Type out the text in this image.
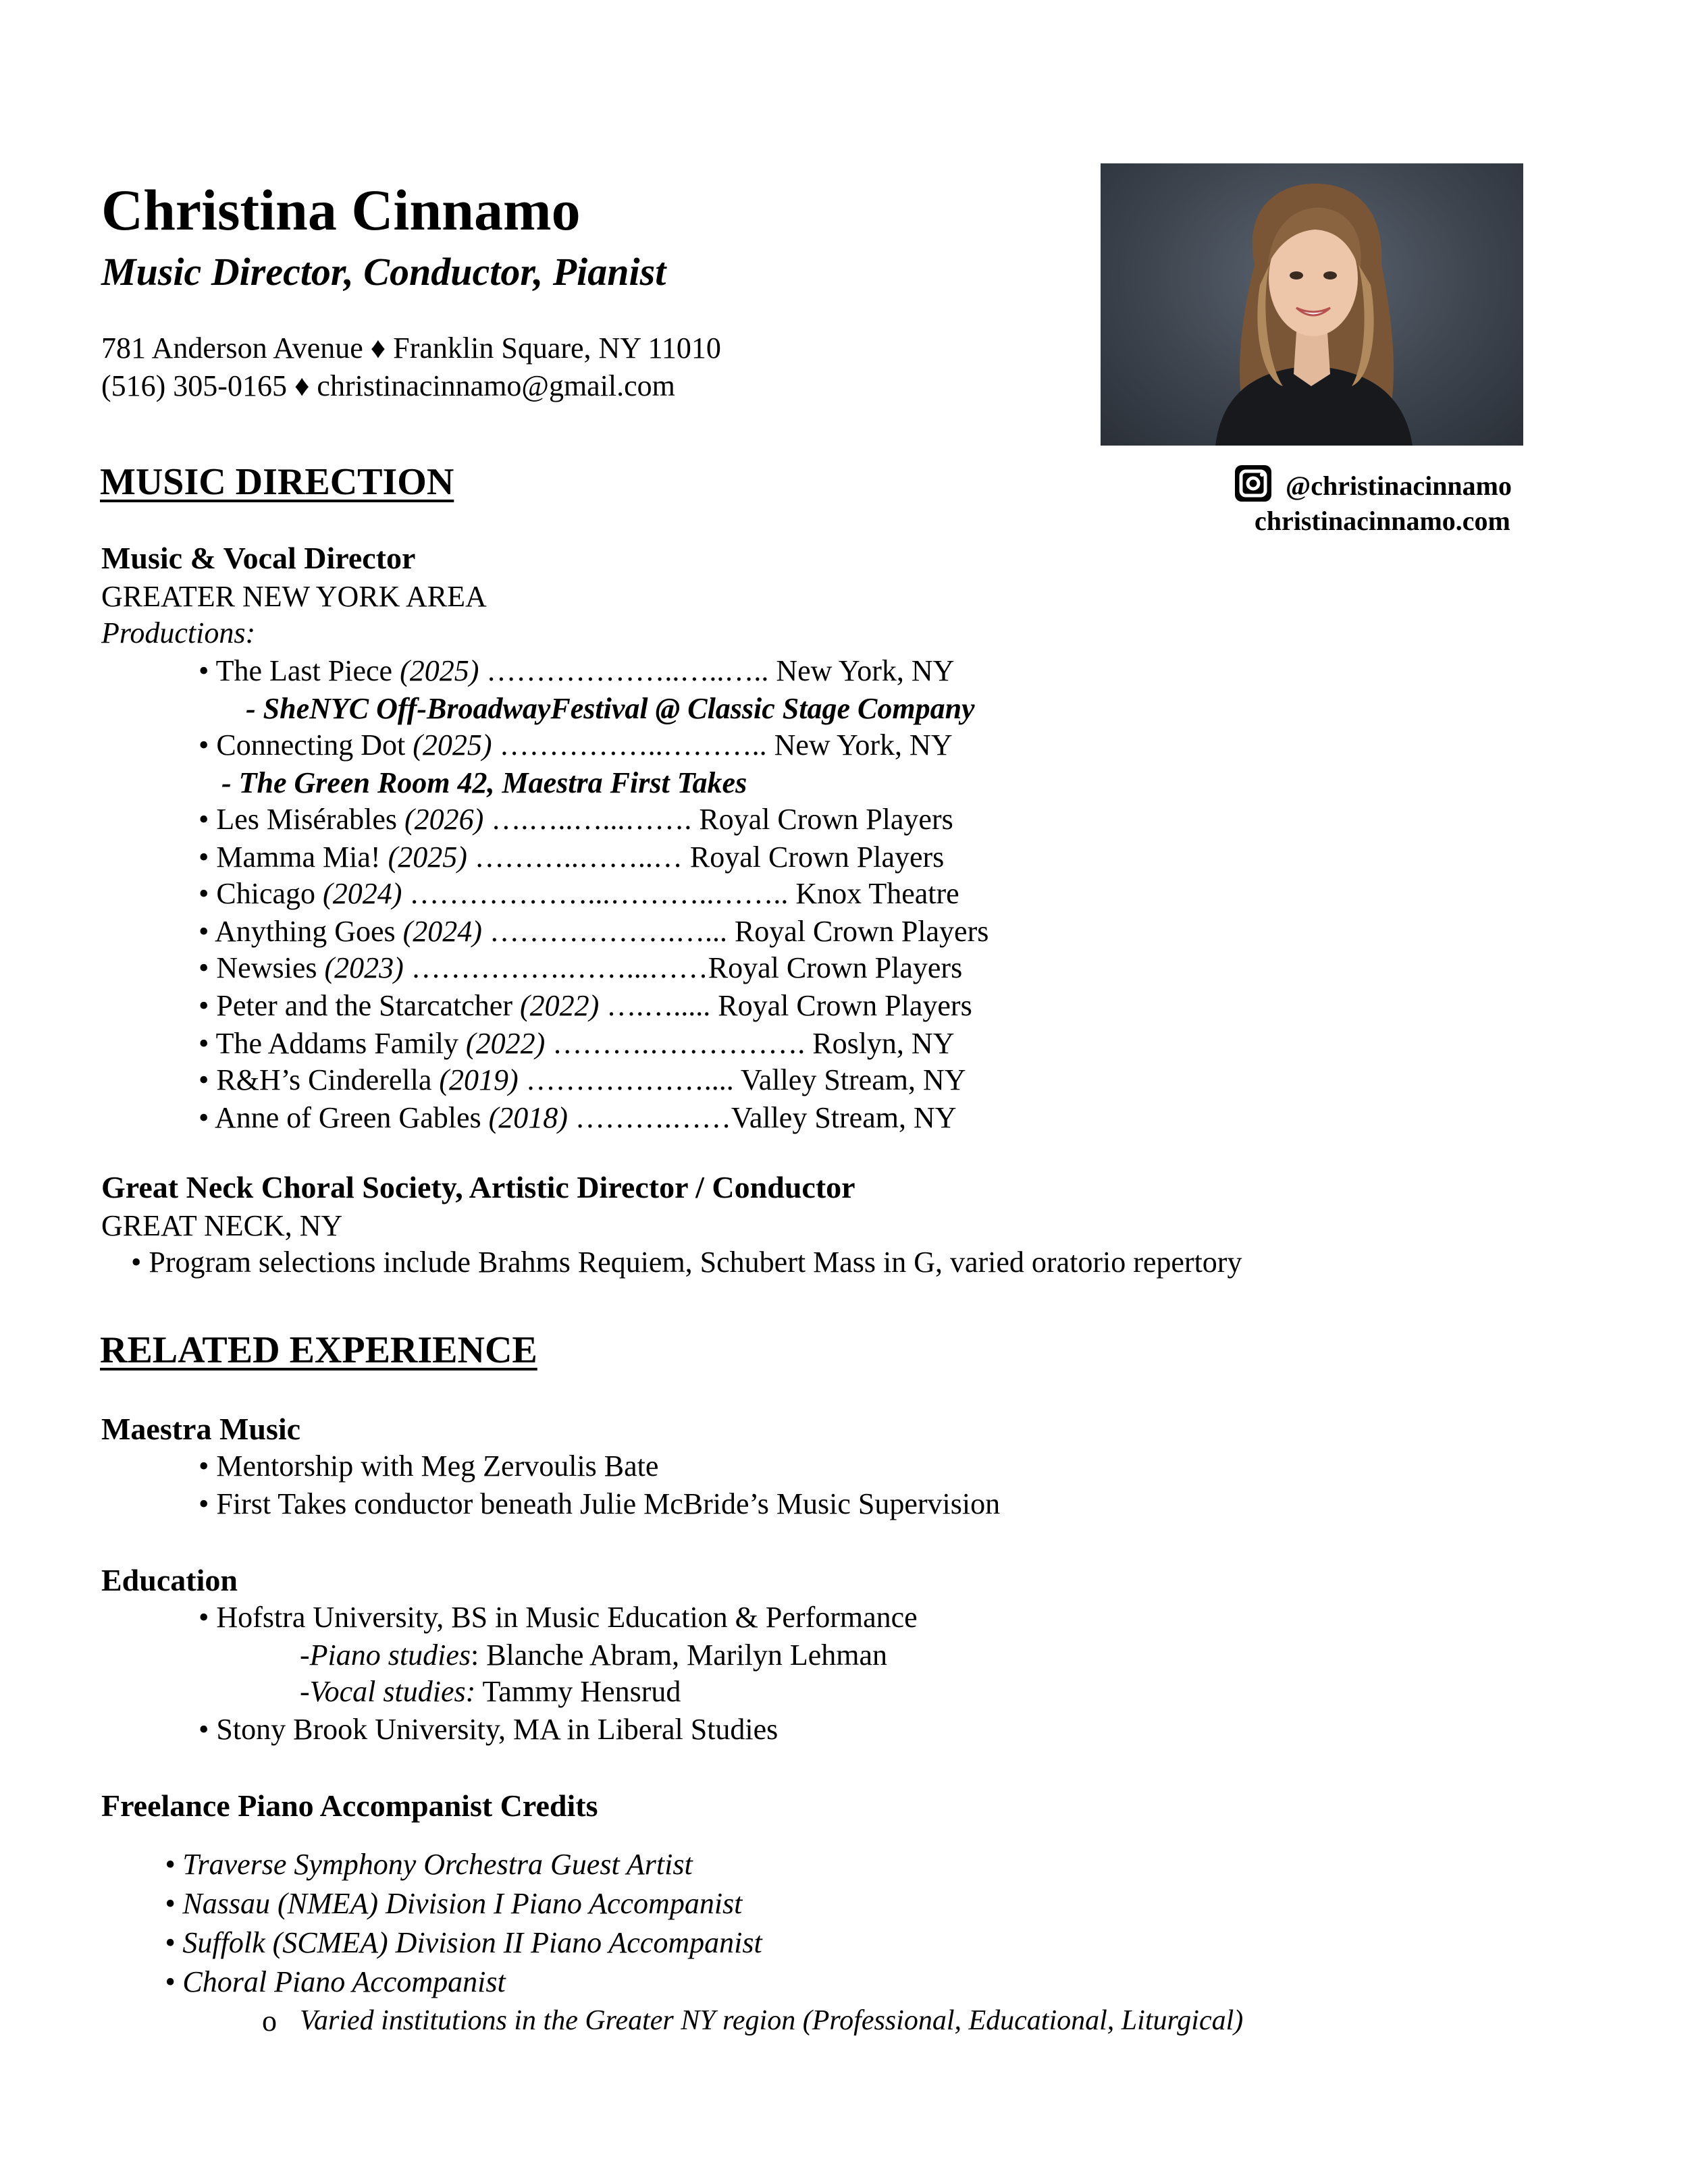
Christina Cinnamo
Music Director, Conductor, Pianist
781 Anderson Avenue ♦ Franklin Square, NY 11010
(516) 305-0165 ♦ christinacinnamo@gmail.com
@christinacinnamo
christinacinnamo.com
MUSIC DIRECTION
Music & Vocal Director
GREATER NEW YORK AREA
Productions:
• The Last Piece (2025) ………………..…..….. New York, NY
- SheNYC Off-BroadwayFestival @ Classic Stage Company
• Connecting Dot (2025) ……………..……….. New York, NY
- The Green Room 42, Maestra First Takes
• Les Misérables (2026) ….…..…...……. Royal Crown Players
• Mamma Mia! (2025) ………..……..… Royal Crown Players
• Chicago (2024) ………………...………..…….. Knox Theatre
• Anything Goes (2024) ……………….…... Royal Crown Players
• Newsies (2023) …………….……...……Royal Crown Players
• Peter and the Starcatcher (2022) ….…..... Royal Crown Players
• The Addams Family (2022) ……….……………. Roslyn, NY
• R&H’s Cinderella (2019) ……………….... Valley Stream, NY
• Anne of Green Gables (2018) ……….……Valley Stream, NY
Great Neck Choral Society, Artistic Director / Conductor
GREAT NECK, NY
• Program selections include Brahms Requiem, Schubert Mass in G, varied oratorio repertory
RELATED EXPERIENCE
Maestra Music
• Mentorship with Meg Zervoulis Bate
• First Takes conductor beneath Julie McBride’s Music Supervision
Education
• Hofstra University, BS in Music Education & Performance
-Piano studies: Blanche Abram, Marilyn Lehman
-Vocal studies: Tammy Hensrud
• Stony Brook University, MA in Liberal Studies
Freelance Piano Accompanist Credits
• Traverse Symphony Orchestra Guest Artist
• Nassau (NMEA) Division I Piano Accompanist
• Suffolk (SCMEA) Division II Piano Accompanist
• Choral Piano Accompanist
o Varied institutions in the Greater NY region (Professional, Educational, Liturgical)
